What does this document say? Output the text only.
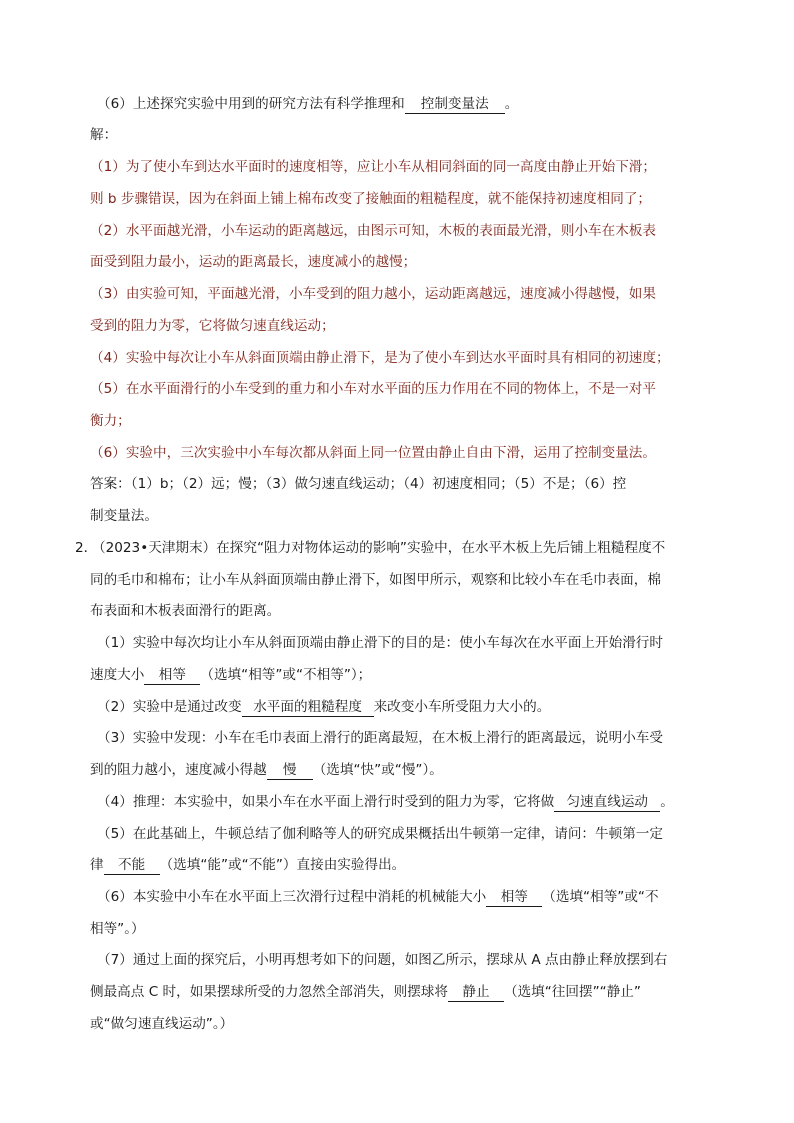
（6）上述探究实验中用到的研究方法有科学推理和 控制变量法 。
解：
（1）为了使小车到达水平面时的速度相等，应让小车从相同斜面的同一高度由静止开始下滑；
则 b 步骤错误，因为在斜面上铺上棉布改变了接触面的粗糙程度，就不能保持初速度相同了；
（2）水平面越光滑，小车运动的距离越远，由图示可知，木板的表面最光滑，则小车在木板表
面受到阻力最小，运动的距离最长，速度减小的越慢；
（3）由实验可知，平面越光滑，小车受到的阻力越小，运动距离越远，速度减小得越慢，如果
受到的阻力为零，它将做匀速直线运动；
（4）实验中每次让小车从斜面顶端由静止滑下，是为了使小车到达水平面时具有相同的初速度；
（5）在水平面滑行的小车受到的重力和小车对水平面的压力作用在不同的物体上，不是一对平
衡力；
（6）实验中，三次实验中小车每次都从斜面上同一位置由静止自由下滑，运用了控制变量法。
答案：（1）b；（2）远；慢；（3）做匀速直线运动；（4）初速度相同；（5）不是；（6）控
制变量法。
2．
（2023•天津期末）在探究“阻力对物体运动的影响”实验中，在水平木板上先后铺上粗糙程度不
同的毛巾和棉布；让小车从斜面顶端由静止滑下，如图甲所示，观察和比较小车在毛巾表面，棉
布表面和木板表面滑行的距离。
（1）实验中每次均让小车从斜面顶端由静止滑下的目的是：使小车每次在水平面上开始滑行时
速度大小 相等 （选填“相等”或“不相等”）；
（2）实验中是通过改变 水平面的粗糙程度 来改变小车所受阻力大小的。
（3）实验中发现：小车在毛巾表面上滑行的距离最短，在木板上滑行的距离最远，说明小车受
到的阻力越小，速度减小得越 慢 （选填“快”或“慢”）。
（4）推理：本实验中，如果小车在水平面上滑行时受到的阻力为零，它将做 匀速直线运动 。
（5）在此基础上，牛顿总结了伽利略等人的研究成果概括出牛顿第一定律，请问：牛顿第一定
律 不能 （选填“能”或“不能”）直接由实验得出。
（6）本实验中小车在水平面上三次滑行过程中消耗的机械能大小 相等 （选填“相等”或“不
相等”。）
（7）通过上面的探究后，小明再想考如下的问题，如图乙所示，摆球从 A 点由静止释放摆到右
侧最高点 C 时，如果摆球所受的力忽然全部消失，则摆球将 静止 （选填“往回摆”“静止”
或“做匀速直线运动”。）
